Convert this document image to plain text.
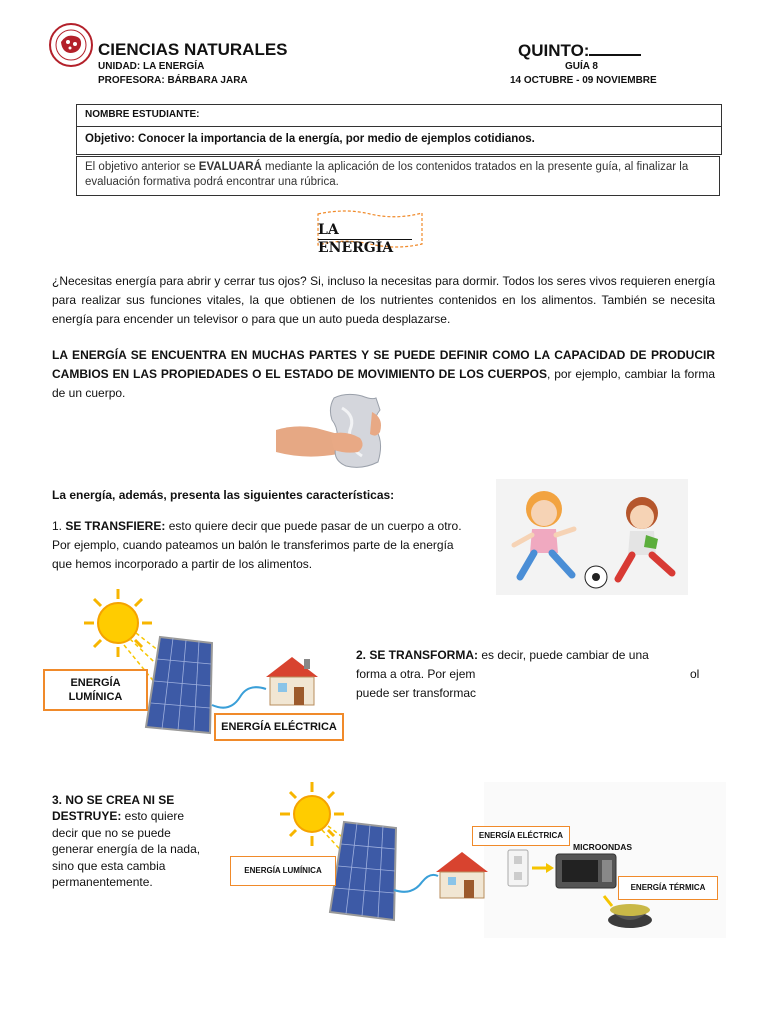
CIENCIAS NATURALES
UNIDAD: LA ENERGÍA
PROFESORA: BÁRBARA JARA
QUINTO:
GUÍA 8
14 OCTUBRE - 09 NOVIEMBRE
NOMBRE ESTUDIANTE:
Objetivo: Conocer la importancia de la energía, por medio de ejemplos cotidianos.
El objetivo anterior se EVALUARÁ mediante la aplicación de los contenidos tratados en la presente guía, al finalizar la evaluación formativa podrá encontrar una rúbrica.
LA
ENERGÍA
¿Necesitas energía para abrir y cerrar tus ojos? Si, incluso la necesitas para dormir. Todos los seres vivos requieren energía para realizar sus funciones vitales, la que obtienen de los nutrientes contenidos en los alimentos. También se necesita energía para encender un televisor o para que un auto pueda desplazarse.
LA ENERGÍA SE ENCUENTRA EN MUCHAS PARTES Y SE PUEDE DEFINIR COMO LA CAPACIDAD DE PRODUCIR CAMBIOS EN LAS PROPIEDADES O EL ESTADO DE MOVIMIENTO DE LOS CUERPOS, por ejemplo, cambiar la forma de un cuerpo.
La energía, además, presenta las siguientes características:
1. SE TRANSFIERE: esto quiere decir que puede pasar de un cuerpo a otro. Por ejemplo, cuando pateamos un balón le transferimos parte de la energía que hemos incorporado a partir de los alimentos.
ENERGÍA LUMÍNICA
ENERGÍA ELÉCTRICA
2. SE TRANSFORMA: es decir, puede cambiar de una
forma a otra. Por ejem	ol
puede ser transformac
3. NO SE CREA NI SE DESTRUYE: esto quiere decir que no se puede generar energía de la nada, sino que esta cambia permanentemente.
ENERGÍA ELÉCTRICA
MICROONDAS
ENERGÍA LUMÍNICA
ENERGÍA TÉRMICA
